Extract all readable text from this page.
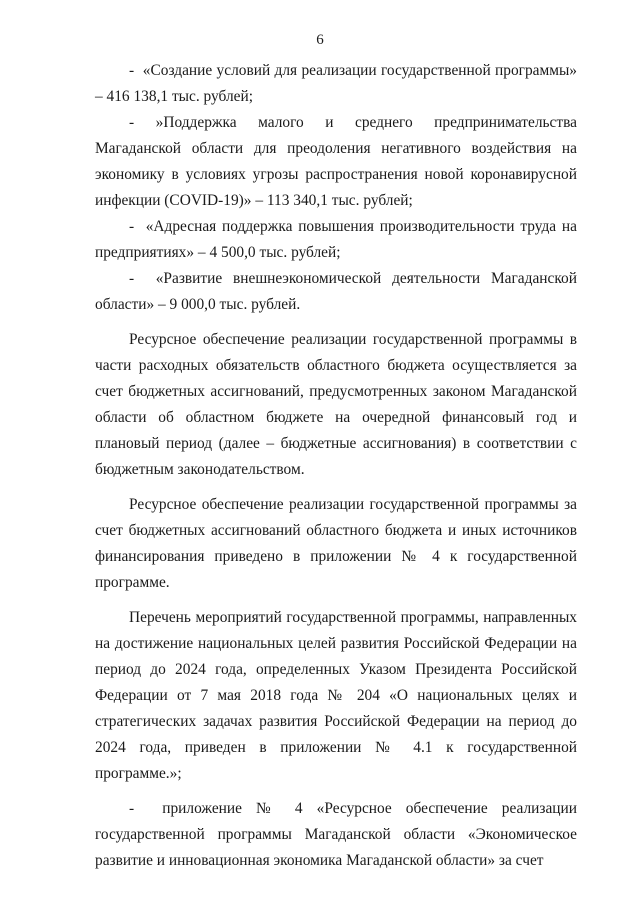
6

-  «Создание условий для реализации государственной программы» – 416 138,1 тыс. рублей;

- »Поддержка малого и среднего предпринимательства Магаданской области для преодоления негативного воздействия на экономику в условиях угрозы распространения новой коронавирусной инфекции (COVID-19)» – 113 340,1 тыс. рублей;

-  «Адресная поддержка повышения производительности труда на предприятиях» – 4 500,0 тыс. рублей;

-  «Развитие внешнеэкономической деятельности Магаданской области» – 9 000,0 тыс. рублей.

Ресурсное обеспечение реализации государственной программы в части расходных обязательств областного бюджета осуществляется за счет бюджетных ассигнований, предусмотренных законом Магаданской области об областном бюджете на очередной финансовый год и плановый период (далее – бюджетные ассигнования) в соответствии с бюджетным законодательством.

Ресурсное обеспечение реализации государственной программы за счет бюджетных ассигнований областного бюджета и иных источников финансирования приведено в приложении № 4 к государственной программе.

Перечень мероприятий государственной программы, направленных на достижение национальных целей развития Российской Федерации на период до 2024 года, определенных Указом Президента Российской Федерации от 7 мая 2018 года № 204 «О национальных целях и стратегических задачах развития Российской Федерации на период до 2024 года, приведен в приложении № 4.1 к государственной программе.»;

-  приложение № 4 «Ресурсное обеспечение реализации государственной программы Магаданской области «Экономическое развитие и инновационная экономика Магаданской области» за счет
